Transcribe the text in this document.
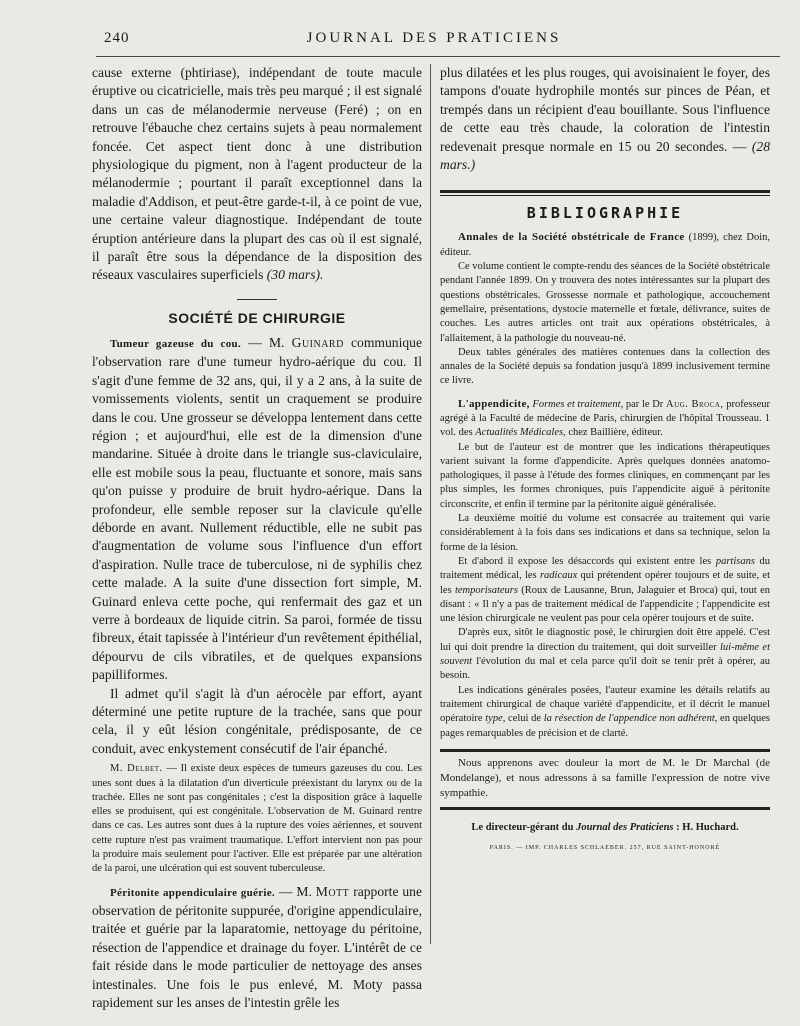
240	JOURNAL DES PRATICIENS

cause externe (phtiriase), indépendant de toute macule éruptive ou cicatricielle, mais très peu marqué ; il est signalé dans un cas de mélanodermie nerveuse (Feré) ; on en retrouve l'ébauche chez certains sujets à peau normalement foncée. Cet aspect tient donc à une distribution physiologique du pigment, non à l'agent producteur de la mélanodermie ; pourtant il paraît exceptionnel dans la maladie d'Addison, et peut-être garde-t-il, à ce point de vue, une certaine valeur diagnostique. Indépendant de toute éruption antérieure dans la plupart des cas où il est signalé, il paraît être sous la dépendance de la disposition des réseaux vasculaires superficiels (30 mars).

SOCIÉTÉ DE CHIRURGIE

Tumeur gazeuse du cou. — M. Guinard communique l'observation rare d'une tumeur hydro-aérique du cou. Il s'agit d'une femme de 32 ans, qui, il y a 2 ans, à la suite de vomissements violents, sentit un craquement se produire dans le cou. Une grosseur se développa lentement dans cette région ; et aujourd'hui, elle est de la dimension d'une mandarine. Située à droite dans le triangle sus-claviculaire, elle est mobile sous la peau, fluctuante et sonore, mais sans qu'on puisse y produire de bruit hydro-aérique. Dans la profondeur, elle semble reposer sur la clavicule qu'elle déborde en avant. Nullement réductible, elle ne subit pas d'augmentation de volume sous l'influence d'un effort d'aspiration. Nulle trace de tuberculose, ni de syphilis chez cette malade. A la suite d'une dissection fort simple, M. Guinard enleva cette poche, qui renfermait des gaz et un verre à bordeaux de liquide citrin. Sa paroi, formée de tissu fibreux, était tapissée à l'intérieur d'un revêtement épithélial, dépourvu de cils vibratiles, et de quelques expansions papilliformes.

Il admet qu'il s'agit là d'un aérocèle par effort, ayant déterminé une petite rupture de la trachée, sans que pour cela, il y eût lésion congénitale, prédisposante, de ce conduit, avec enkystement consécutif de l'air épanché.

M. Delbet. — Il existe deux espèces de tumeurs gazeuses du cou. Les unes sont dues à la dilatation d'un diverticule préexistant du larynx ou de la trachée. Elles ne sont pas congénitales ; c'est la disposition grâce à laquelle elles se produisent, qui est congénitale. L'observation de M. Guinard rentre dans ce cas. Les autres sont dues à la rupture des voies aériennes, et souvent cette rupture n'est pas vraiment traumatique. L'effort intervient non pas pour la produire mais seulement pour l'activer. Elle est préparée par une altération de la paroi, une ulcération qui est souvent tuberculeuse.

Péritonite appendiculaire guérie. — M. Mott rapporte une observation de péritonite suppurée, d'origine appendiculaire, traitée et guérie par la laparatomie, nettoyage du péritoine, résection de l'appendice et drainage du foyer. L'intérêt de ce fait réside dans le mode particulier de nettoyage des anses intestinales. Une fois le pus enlevé, M. Moty passa rapidement sur les anses de l'intestin grêle les

plus dilatées et les plus rouges, qui avoisinaient le foyer, des tampons d'ouate hydrophile montés sur pinces de Péan, et trempés dans un récipient d'eau bouillante. Sous l'influence de cette eau très chaude, la coloration de l'intestin redevenait presque normale en 15 ou 20 secondes. — (28 mars.)

BIBLIOGRAPHIE

Annales de la Société obstétricale de France (1899), chez Doin, éditeur.

Ce volume contient le compte-rendu des séances de la Société obstétricale pendant l'année 1899. On y trouvera des notes intéressantes sur la plupart des questions obstétricales. Grossesse normale et pathologique, accouchement gemellaire, présentations, dystocie maternelle et fœtale, délivrance, suites de couches. Les autres articles ont trait aux opérations obstétricales, à l'allaitement, à la pathologie du nouveau-né.

Deux tables générales des matières contenues dans la collection des annales de la Société depuis sa fondation jusqu'à 1899 inclusivement termine ce livre.

L'appendicite, Formes et traitement, par le Dr Aug. Broca, professeur agrégé à la Faculté de médecine de Paris, chirurgien de l'hôpital Trousseau. 1 vol. des Actualités Médicales, chez Baillière, éditeur.

Le but de l'auteur est de montrer que les indications thérapeutiques varient suivant la forme d'appendicite. Après quelques données anatomo-pathologiques, il passe à l'étude des formes cliniques, en commençant par les plus simples, les formes chroniques, puis l'appendicite aiguë à péritonite circonscrite, et enfin il termine par la péritonite aiguë généralisée.

La deuxième moitié du volume est consacrée au traitement qui varie considérablement à la fois dans ses indications et dans sa technique, selon la forme de la lésion.

Et d'abord il expose les désaccords qui existent entre les partisans du traitement médical, les radicaux qui prétendent opérer toujours et de suite, et les temporisateurs (Roux de Lausanne, Brun, Jalaguier et Broca) qui, tout en disant : « Il n'y a pas de traitement médical de l'appendicite ; l'appendicite est une lésion chirurgicale ne veulent pas pour cela opérer toujours et de suite.

D'après eux, sitôt le diagnostic posé, le chirurgien doit être appelé. C'est lui qui doit prendre la direction du traitement, qui doit surveiller lui-même et souvent l'évolution du mal et cela parce qu'il doit se tenir prêt à opérer, au besoin.

Les indications générales posées, l'auteur examine les détails relatifs au traitement chirurgical de chaque variété d'appendicite, et il décrit le manuel opératoire type, celui de la résection de l'appendice non adhérent, en quelques pages remarquables de précision et de clarté.

Nous apprenons avec douleur la mort de M. le Dr Marchal (de Mondelange), et nous adressons à sa famille l'expression de notre vive sympathie.

Le directeur-gérant du Journal des Praticiens : H. Huchard.
PARIS. — IMP. CHARLES SCHLAEBER. 257, RUE SAINT-HONORÉ
